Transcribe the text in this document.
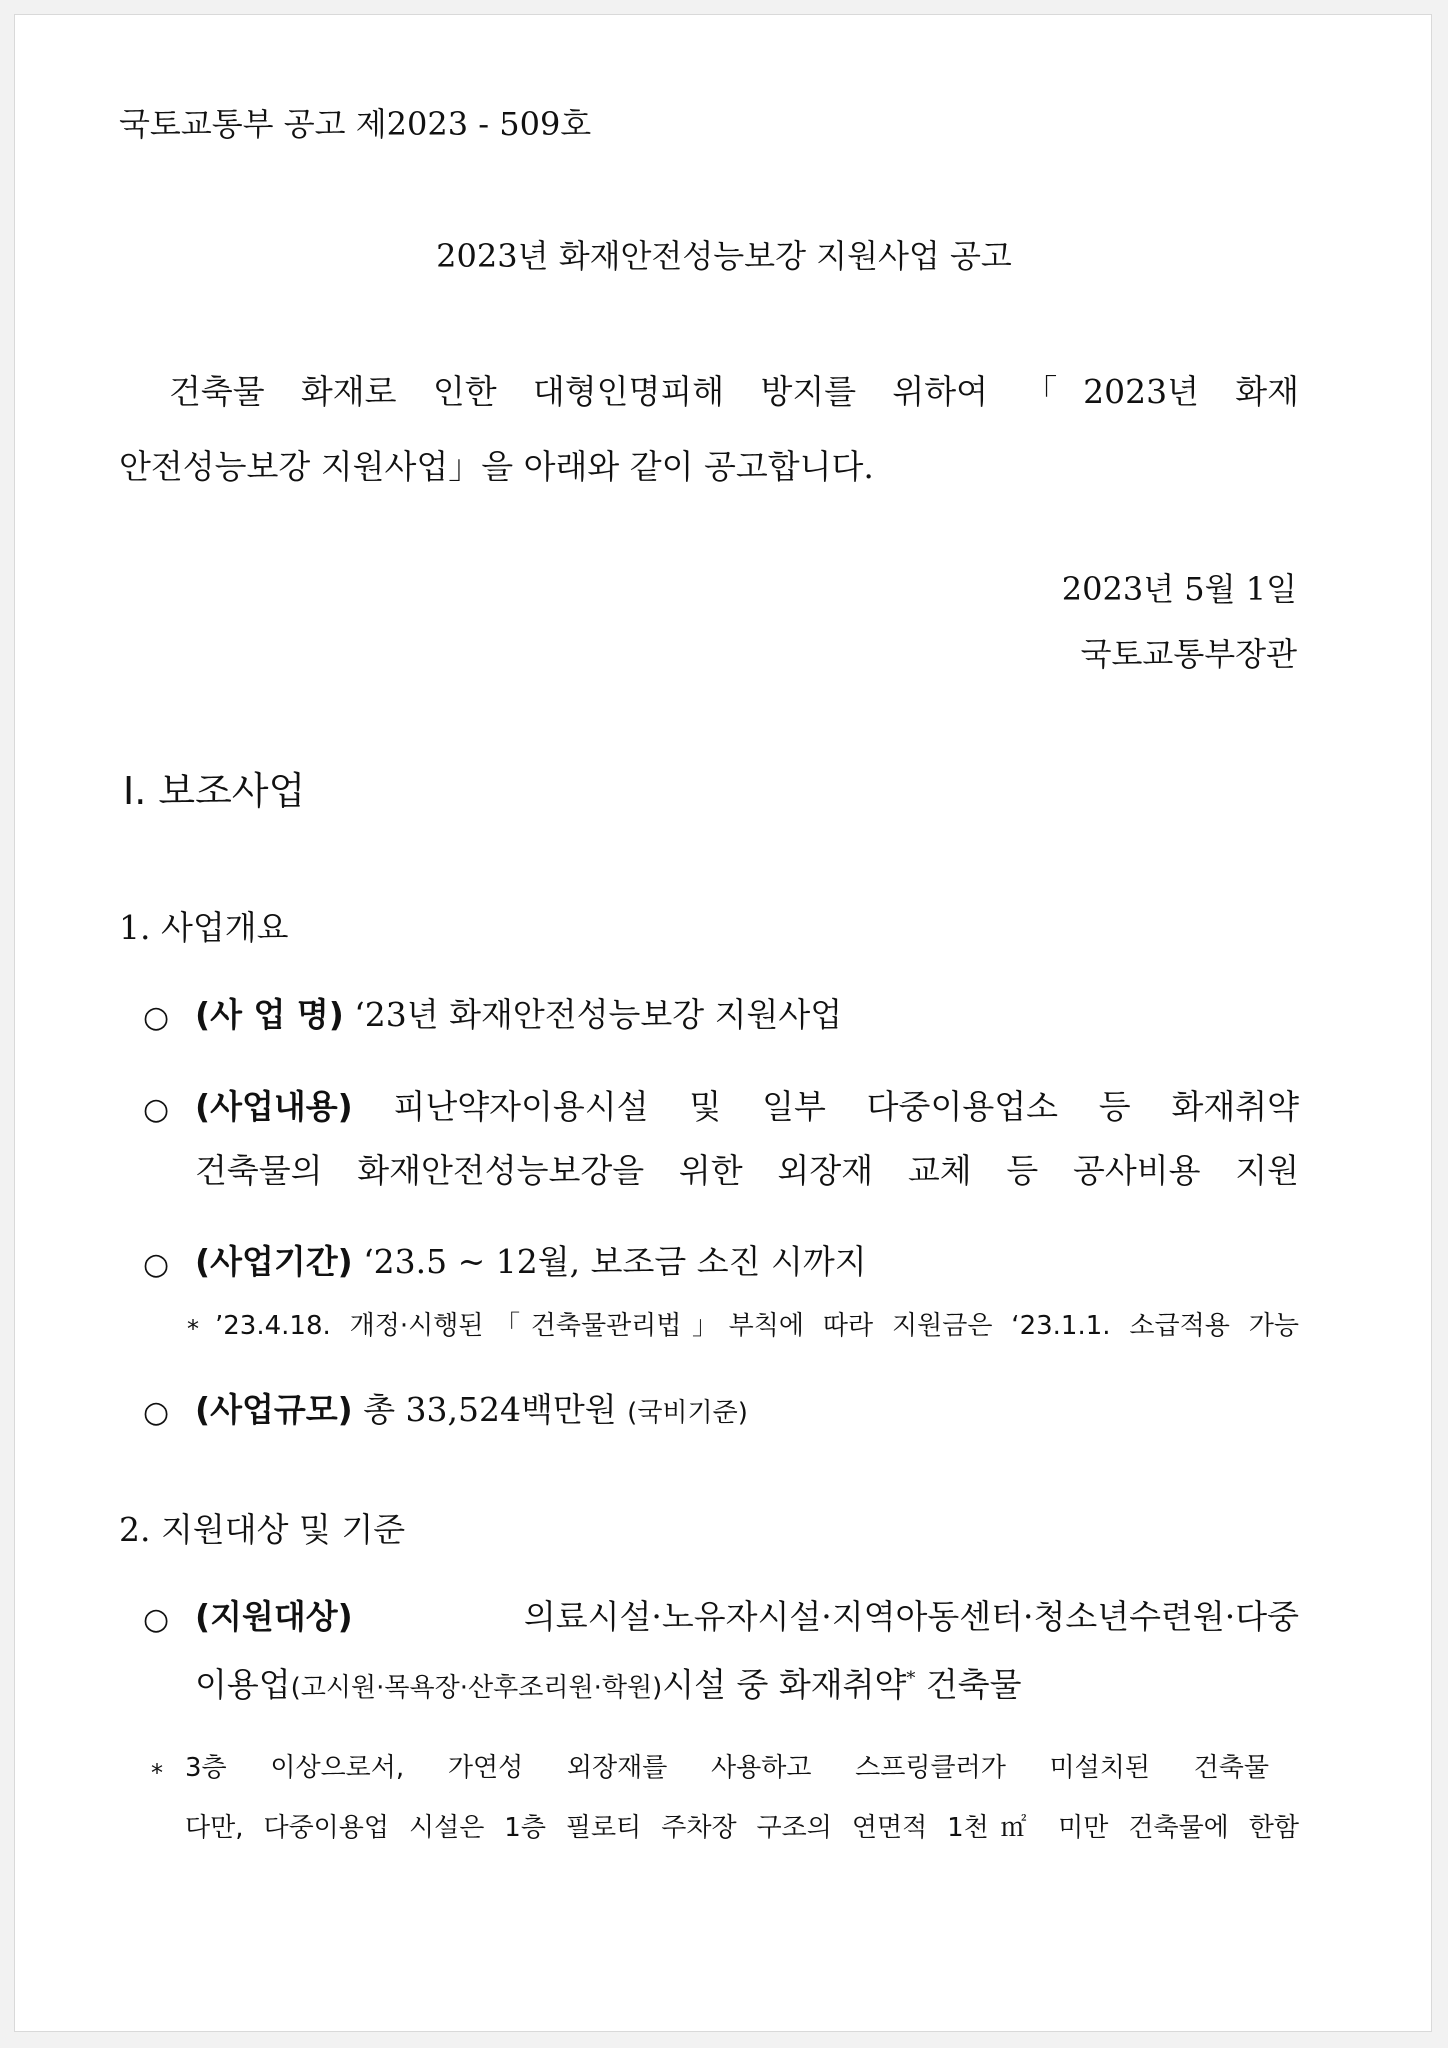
국토교통부 공고 제2023 - 509호
2023년 화재안전성능보강 지원사업 공고
건축물 화재로 인한 대형인명피해 방지를 위하여 「2023년 화재
안전성능보강 지원사업」을 아래와 같이 공고합니다.
2023년 5월 1일
국토교통부장관
Ⅰ. 보조사업
1. 사업개요
○ (사 업 명) ‘23년 화재안전성능보강 지원사업
○ (사업내용) 피난약자이용시설 및 일부 다중이용업소 등 화재취약
건축물의 화재안전성능보강을 위한 외장재 교체 등 공사비용 지원
○ (사업기간) ‘23.5 ~ 12월, 보조금 소진 시까지
* ’23.4.18. 개정·시행된「건축물관리법」부칙에 따라 지원금은 ‘23.1.1. 소급적용 가능
○ (사업규모) 총 33,524백만원 (국비기준)
2. 지원대상 및 기준
○ (지원대상)	의료시설·노유자시설·지역아동센터·청소년수련원·다중
이용업(고시원·목욕장·산후조리원·학원)시설 중 화재취약* 건축물
* 3층 이상으로서, 가연성 외장재를 사용하고 스프링클러가 미설치된 건축물
다만, 다중이용업 시설은 1층 필로티 주차장 구조의 연면적 1천㎡ 미만 건축물에 한함
